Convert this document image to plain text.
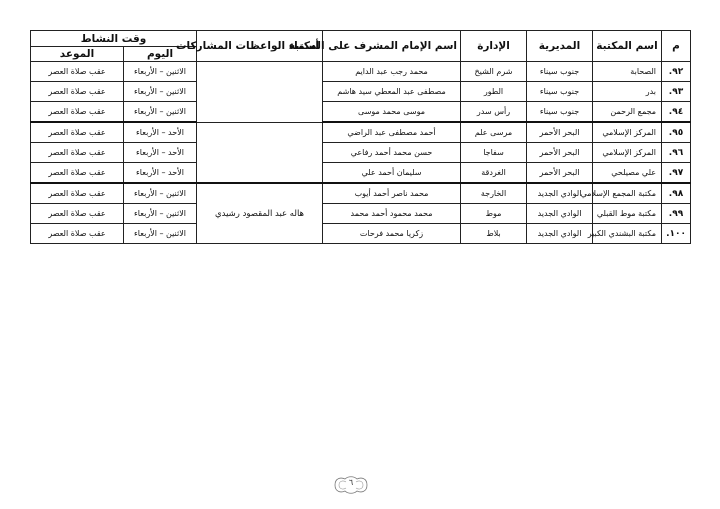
م	اسم المكتبة	المديرية	الإدارة	اسم الإمام المشرف على المكتبة	أسماء الواعظات المشاركات	وقت النشاط	
						اليوم	الموعد
٩٢.	الصحابة	جنوب سيناء	شرم الشيخ	محمد رجب عبد الدايم		الاثنين – الأربعاء	عقب صلاة العصر
٩٣.	بدر	جنوب سيناء	الطور	مصطفى عبد المعطي سيد هاشم		الاثنين – الأربعاء	عقب صلاة العصر
٩٤.	مجمع الرحمن	جنوب سيناء	رأس سدر	موسى محمد موسى		الاثنين – الأربعاء	عقب صلاة العصر
٩٥.	المركز الإسلامي	البحر الأحمر	مرسى علم	أحمد مصطفى عبد الراضي		الأحد – الأربعاء	عقب صلاة العصر
٩٦.	المركز الإسلامي	البحر الأحمر	سفاجا	حسن محمد أحمد رفاعي		الأحد – الأربعاء	عقب صلاة العصر
٩٧.	علي مصيلحي	البحر الأحمر	الغردقة	سليمان أحمد علي		الأحد – الأربعاء	عقب صلاة العصر
٩٨.	مكتبة المجمع الإسلامي	الوادي الجديد	الخارجة	محمد ناصر أحمد أيوب	هاله عبد المقصود رشيدي	الاثنين – الأربعاء	عقب صلاة العصر
٩٩.	مكتبة موط القبلي	الوادي الجديد	موط	محمد محمود أحمد محمد		الاثنين – الأربعاء	عقب صلاة العصر
١٠٠.	مكتبة البشندي الكبير	الوادي الجديد	بلاط	زكريا محمد فرحات		الاثنين – الأربعاء	عقب صلاة العصر
٦
